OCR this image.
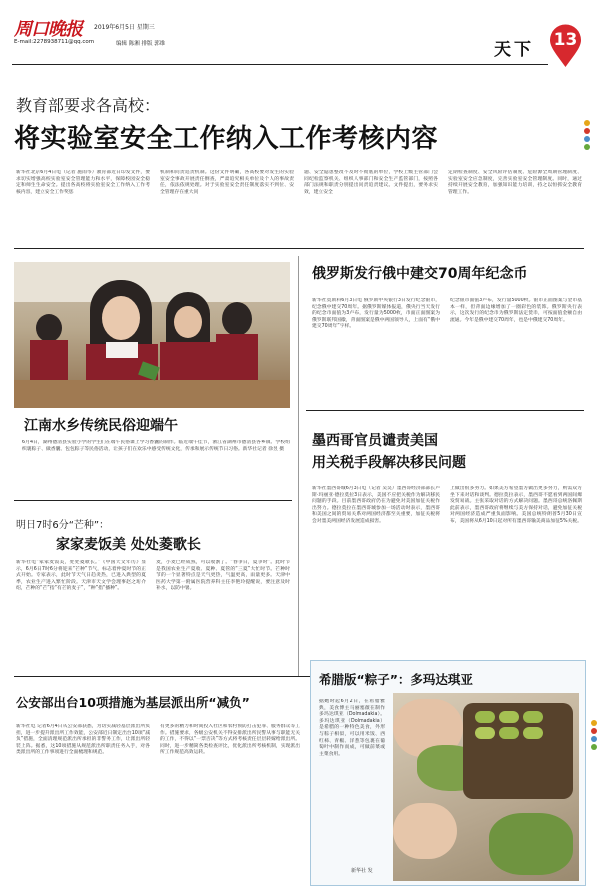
周口晚报 2019年6月5日 星期三
E-mail:2278938711@qq.com	编辑 陈湘 排版 郭维	天下 13
教育部要求各高校：
将实验室安全工作纳入工作考核内容
新华社北京6月4日电（记者 施雨岑）教育部近日印发文件，要求切实增强高校实验室安全管理能力和水平，保障校园安全稳定和师生生命安全。提出各高校将实验室安全工作纳入工作考核内容，建立安全工作奖惩
机制和问责追责机制。这份文件明确，各高校要对发生的实验室安全事故开展责任倒查，严肃追究相关单位及个人的事故责任，依法依规处理。对于实验室安全责任制度落实不到位、安全管理存在重大问
题、安全隐患整改不及时不彻底的单位，学校上级主管部门会同纪检监察机关、组织人事部门和安全生产监管部门，按照各部门法规和职责分别提出问责追责建议。文件提出，要务求实效，建立安全
定期检查制度、安全风险评估制度、危险源全周期管理制度、实验室安全应急制度，完善实验室安全管理制度。同时，通过持续开展安全教育，加强知识能力培训，持之以恒抓安全教育管理工作。
江南水乡传统民俗迎端午
6月4日，湖州德清县实验小学的学生们在端午民俗课上学习香囊的制作。临近端午佳节，浙江省湖州市德清县各乡镇、学校组织裹粽子、做香囊、包包粽子等民俗活动，让孩子们在欢乐中感受传统文化，传承和展示传统节日习俗。新华社记者 徐昱 摄
俄罗斯发行俄中建交70周年纪念币
新华社莫斯科6月3日电 俄罗斯中央银行3日发行纪念银币，纪念俄中建交70周年。据俄罗斯媒体报道，俄央行当天发行的纪念币面值为3卢布，发行量为5000枚，币面正面图案为俄罗斯联邦国徽，背面图案是俄中两国领导人，上面有“俄中建交70周年”字样。
纪念银币面值3卢布，发行量5000枚。银币正面图案与金币基本一样，但背面边缘增加了一圈彩色的装饰。俄罗斯央行表示，这次发行的纪念币为俄罗斯法定货币，可按面值金额自由流通。今年是俄中建交70周年，也是中俄建交70周年。
墨西哥官员谴责美国
用关税手段解决移民问题
新华社墨西哥城6月3日电（记者 吴昊）墨西哥经济部部长卢斯·玛丽亚·德拉莫拉3日表示，美国不应把关税作为解决移民问题的手段。目前墨西哥政府仍在为避免对美国加征关税作出努力。德拉莫拉在墨西哥城参加一场活动时表示，墨西哥和美国之间的贸易关系对两国经济都至关重要，加征关税将会对墨美两国经济发展造成损害。
上做出很多努力。如果美方希望墨方做出更多努力，则需双方坐下来对话和谈判。德拉莫拉表示，墨西哥不愿看到两国间爆发贸易战。主张采取对话的方式解决问题。墨西哥总统洛佩斯此前表示，墨西哥政府将继续与美方保持对话，避免加征关税对两国经济造成严重负面影响。美国总统特朗普5月30日宣布，美国将从6月10日起对所有墨西哥输美商品加征5%关税。
明日7时6分“芒种”：
家家麦饭美 处处菱歌长
新华社电“家家麦饭美，处处菱歌长。”《中国天文年历》显示，6月6日7时6分将迎来“芒种”节气，标志着仲夏时节的正式开始。专家表示，此时节天气日趋炎热，已进入典型的夏季，农业生产进入繁忙阶段。天津市天文学会理事赵之珩介绍，芒种的“芒”指“有芒的麦子”，“种”指“播种”。
麦，小麦已经成熟，可以收割了。“春争日，夏争时”。此时节是我国农业生产夏收、夏种、夏管的“三夏”大忙时节。芒种时节的一个显著特点是天气更热，气温更高，雨量更多。天津中医药大学第一附属医院营养科主任李艳玲提醒说，要注意及时补水，以防中暑。
公安部出台10项措施为基层派出所“减负”
新华社电 记者6月4日从公安部获悉，为切实减轻基层派出所负担，进一步提升派出所工作效能，公安部近日制定出台10项“减负”措施，全面清理规范派出所承担的非警务工作，让派出所轻装上阵。据悉，这10项措施从规范派出所职责任务入手，对各类派出所的工作事项进行全面梳理和规范。
有更多的精力和时间投入社区和农村预防打击犯罪、服务群众等工作。措施要求，各级公安机关不得安排派出所民警从事与职能无关的工作，不得以“一票否决”等方式将考核责任层层转嫁给派出所。同时，进一步精简各类检查评比，优化派出所考核机制，实现派出所工作规范高效运转。
希腊版“粽子”：多玛达琪亚
据她时起6月2日，在希腊雅典，美食博主马丽塞薇在制作多玛达琪亚（Dolmadakia）。多玛达琪亚（Dolmadakia）是希腊的一种特色美食，外形与粽子相似，可以用米饭、西红柿、青椒、洋葱等包裹在葡萄叶中制作而成，可做前菜或主菜食用。
新华社 发
